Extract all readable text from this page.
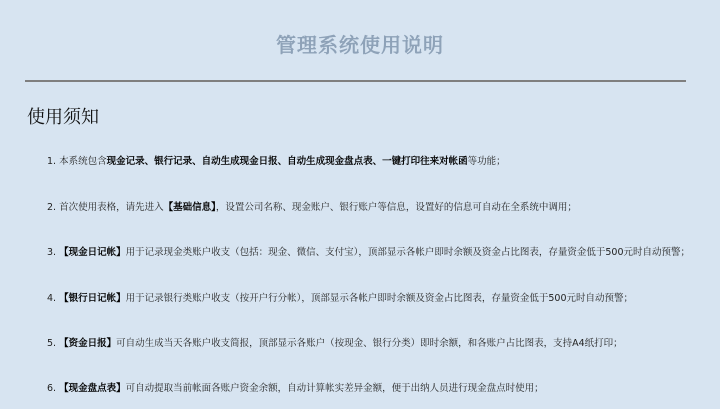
管理系统使用说明
使用须知
1. 本系统包含现金记录、银行记录、自动生成现金日报、自动生成现金盘点表、一键打印往来对帐函等功能；
2. 首次使用表格，请先进入【基础信息】，设置公司名称、现金账户、银行账户等信息，设置好的信息可自动在全系统中调用；
3. 【现金日记帐】用于记录现金类账户收支（包括：现金、微信、支付宝），顶部显示各帐户即时余额及资金占比图表，存量资金低于500元时自动预警；
4. 【银行日记帐】用于记录银行类账户收支（按开户行分帐），顶部显示各帐户即时余额及资金占比图表，存量资金低于500元时自动预警；
5. 【资金日报】可自动生成当天各账户收支简报，顶部显示各账户（按现金、银行分类）即时余额，和各账户占比图表，支持A4纸打印；
6. 【现金盘点表】可自动提取当前帐面各账户资金余额，自动计算帐实差异金额，便于出纳人员进行现金盘点时使用；
